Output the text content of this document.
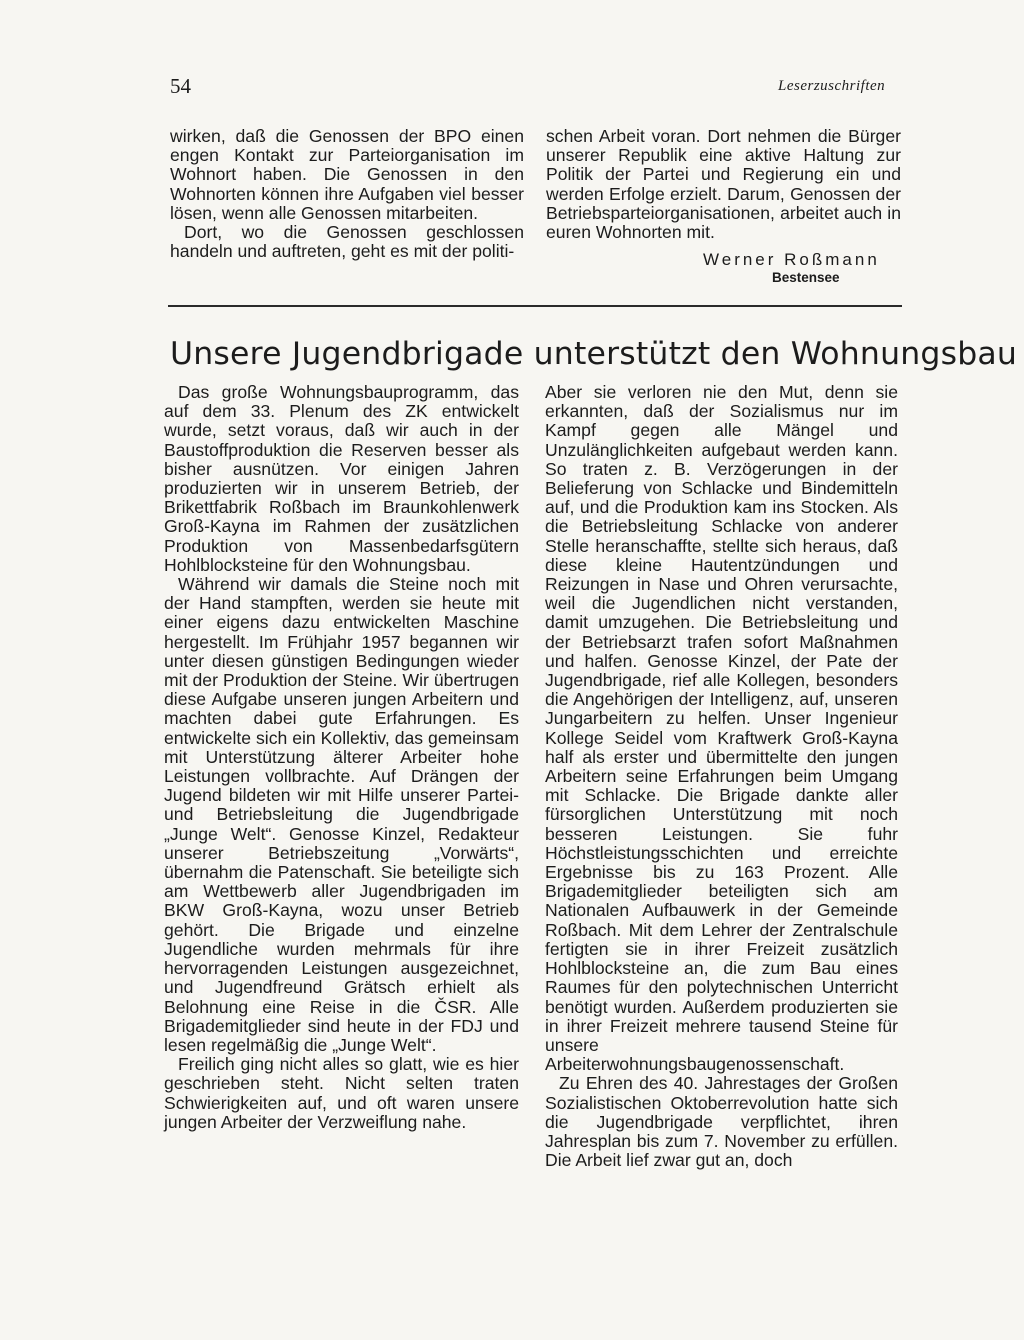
54	Leserzuschriften

wirken, daß die Genossen der BPO einen engen Kontakt zur Parteiorganisation im Wohnort haben. Die Genossen in den Wohnorten können ihre Aufgaben viel besser lösen, wenn alle Genossen mitarbeiten.

Dort, wo die Genossen geschlossen handeln und auftreten, geht es mit der politi-

schen Arbeit voran. Dort nehmen die Bürger unserer Republik eine aktive Haltung zur Politik der Partei und Regierung ein und werden Erfolge erzielt. Darum, Genossen der Betriebsparteiorganisationen, arbeitet auch in euren Wohnorten mit.

Werner Roßmann
Bestensee
Unsere Jugendbrigade unterstützt den Wohnungsbau

Das große Wohnungsbauprogramm, das auf dem 33. Plenum des ZK entwickelt wurde, setzt voraus, daß wir auch in der Baustoffproduktion die Reserven besser als bisher ausnützen. Vor einigen Jahren produzierten wir in unserem Betrieb, der Brikettfabrik Roßbach im Braunkohlenwerk Groß-Kayna im Rahmen der zusätzlichen Produktion von Massenbedarfsgütern Hohlblocksteine für den Wohnungsbau.

Während wir damals die Steine noch mit der Hand stampften, werden sie heute mit einer eigens dazu entwickelten Maschine hergestellt. Im Frühjahr 1957 begannen wir unter diesen günstigen Bedingungen wieder mit der Produktion der Steine. Wir übertrugen diese Aufgabe unseren jungen Arbeitern und machten dabei gute Erfahrungen. Es entwickelte sich ein Kollektiv, das gemeinsam mit Unterstützung älterer Arbeiter hohe Leistungen vollbrachte. Auf Drängen der Jugend bildeten wir mit Hilfe unserer Partei- und Betriebsleitung die Jugendbrigade „Junge Welt“. Genosse Kinzel, Redakteur unserer Betriebszeitung „Vorwärts“, übernahm die Patenschaft. Sie beteiligte sich am Wettbewerb aller Jugendbrigaden im BKW Groß-Kayna, wozu unser Betrieb gehört. Die Brigade und einzelne Jugendliche wurden mehrmals für ihre hervorragenden Leistungen ausgezeichnet, und Jugendfreund Grätsch erhielt als Belohnung eine Reise in die ČSR. Alle Brigademitglieder sind heute in der FDJ und lesen regelmäßig die „Junge Welt“.

Freilich ging nicht alles so glatt, wie es hier geschrieben steht. Nicht selten traten Schwierigkeiten auf, und oft waren unsere jungen Arbeiter der Verzweiflung nahe.

Aber sie verloren nie den Mut, denn sie erkannten, daß der Sozialismus nur im Kampf gegen alle Mängel und Unzulänglichkeiten aufgebaut werden kann. So traten z. B. Verzögerungen in der Belieferung von Schlacke und Bindemitteln auf, und die Produktion kam ins Stocken. Als die Betriebsleitung Schlacke von anderer Stelle heranschaffte, stellte sich heraus, daß diese kleine Hautentzündungen und Reizungen in Nase und Ohren verursachte, weil die Jugendlichen nicht verstanden, damit umzugehen. Die Betriebsleitung und der Betriebsarzt trafen sofort Maßnahmen und halfen. Genosse Kinzel, der Pate der Jugendbrigade, rief alle Kollegen, besonders die Angehörigen der Intelligenz, auf, unseren Jungarbeitern zu helfen. Unser Ingenieur Kollege Seidel vom Kraftwerk Groß-Kayna half als erster und übermittelte den jungen Arbeitern seine Erfahrungen beim Umgang mit Schlacke. Die Brigade dankte aller fürsorglichen Unterstützung mit noch besseren Leistungen. Sie fuhr Höchstleistungsschichten und erreichte Ergebnisse bis zu 163 Prozent. Alle Brigademitglieder beteiligten sich am Nationalen Aufbauwerk in der Gemeinde Roßbach. Mit dem Lehrer der Zentralschule fertigten sie in ihrer Freizeit zusätzlich Hohlblocksteine an, die zum Bau eines Raumes für den polytechnischen Unterricht benötigt wurden. Außerdem produzierten sie in ihrer Freizeit mehrere tausend Steine für unsere Arbeiterwohnungsbaugenossenschaft.

Zu Ehren des 40. Jahrestages der Großen Sozialistischen Oktoberrevolution hatte sich die Jugendbrigade verpflichtet, ihren Jahresplan bis zum 7. November zu erfüllen. Die Arbeit lief zwar gut an, doch
